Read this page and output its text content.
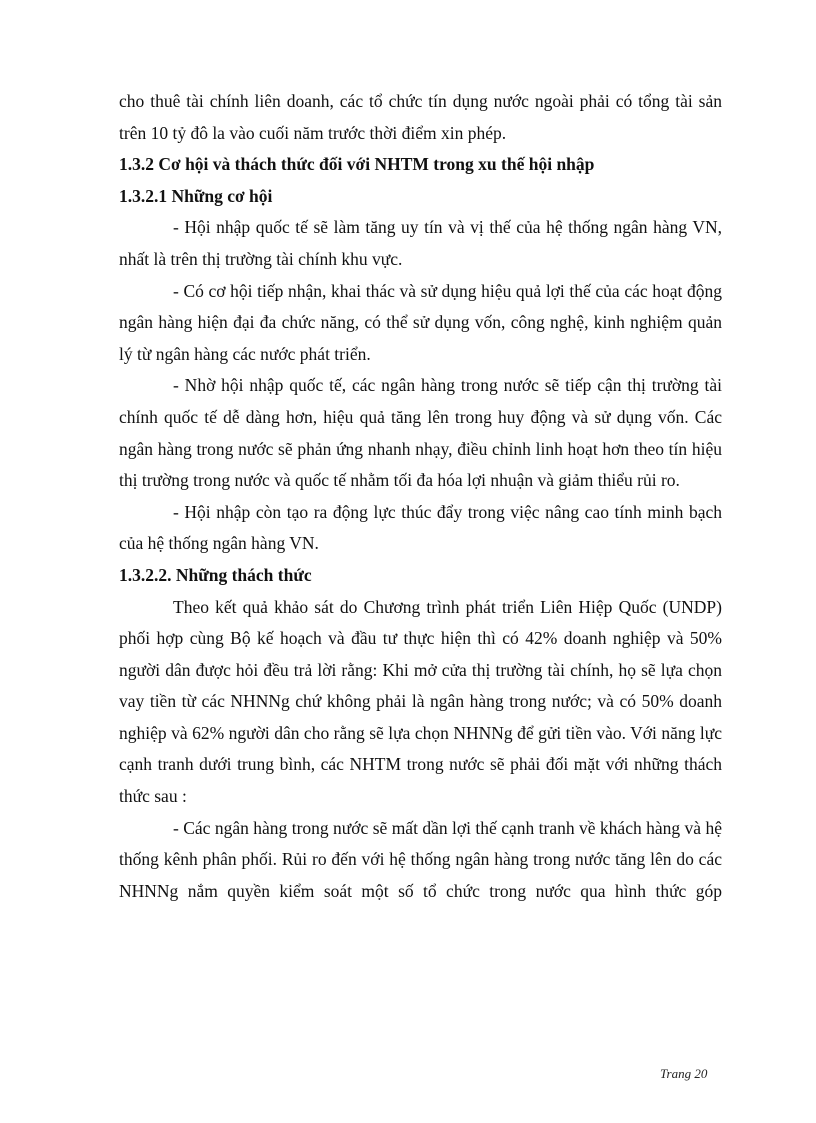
cho thuê tài chính liên doanh, các tổ chức tín dụng nước ngoài phải có tổng tài sản trên 10 tỷ đô la vào cuối năm trước thời điểm xin phép.

1.3.2 Cơ hội và thách thức đối với NHTM trong xu thế hội nhập

1.3.2.1 Những cơ hội

- Hội nhập quốc tế sẽ làm tăng uy tín và vị thế của hệ thống ngân hàng VN, nhất là trên thị trường tài chính khu vực.

- Có cơ hội tiếp nhận, khai thác và sử dụng hiệu quả lợi thế của các hoạt động ngân hàng hiện đại đa chức năng, có thể sử dụng vốn, công nghệ, kinh nghiệm quản lý từ ngân hàng các nước phát triển.

- Nhờ hội nhập quốc tế, các ngân hàng trong nước sẽ tiếp cận thị trường tài chính quốc tế dễ dàng hơn, hiệu quả tăng lên trong huy động và sử dụng vốn. Các ngân hàng trong nước sẽ phản ứng nhanh nhạy, điều chỉnh linh hoạt hơn theo tín hiệu thị trường trong nước và quốc tế nhằm tối đa hóa lợi nhuận và giảm thiểu rủi ro.

- Hội nhập còn tạo ra động lực thúc đẩy trong việc nâng cao tính minh bạch của hệ thống ngân hàng VN.

1.3.2.2. Những thách thức

Theo kết quả khảo sát do Chương trình phát triển Liên Hiệp Quốc (UNDP) phối hợp cùng Bộ kế hoạch và đầu tư thực hiện thì có 42% doanh nghiệp và 50% người dân được hỏi đều trả lời rằng: Khi mở cửa thị trường tài chính, họ sẽ lựa chọn vay tiền từ các NHNNg chứ không phải là ngân hàng trong nước; và có 50% doanh nghiệp và 62% người dân cho rằng sẽ lựa chọn NHNNg để gửi tiền vào. Với năng lực cạnh tranh dưới trung bình, các NHTM trong nước sẽ phải đối mặt với những thách thức sau :

- Các ngân hàng trong nước sẽ mất dần lợi thế cạnh tranh về khách hàng và hệ thống kênh phân phối. Rủi ro đến với hệ thống ngân hàng trong nước tăng lên do các NHNNg nắm quyền kiểm soát một số tổ chức trong nước qua hình thức góp

Trang 20
